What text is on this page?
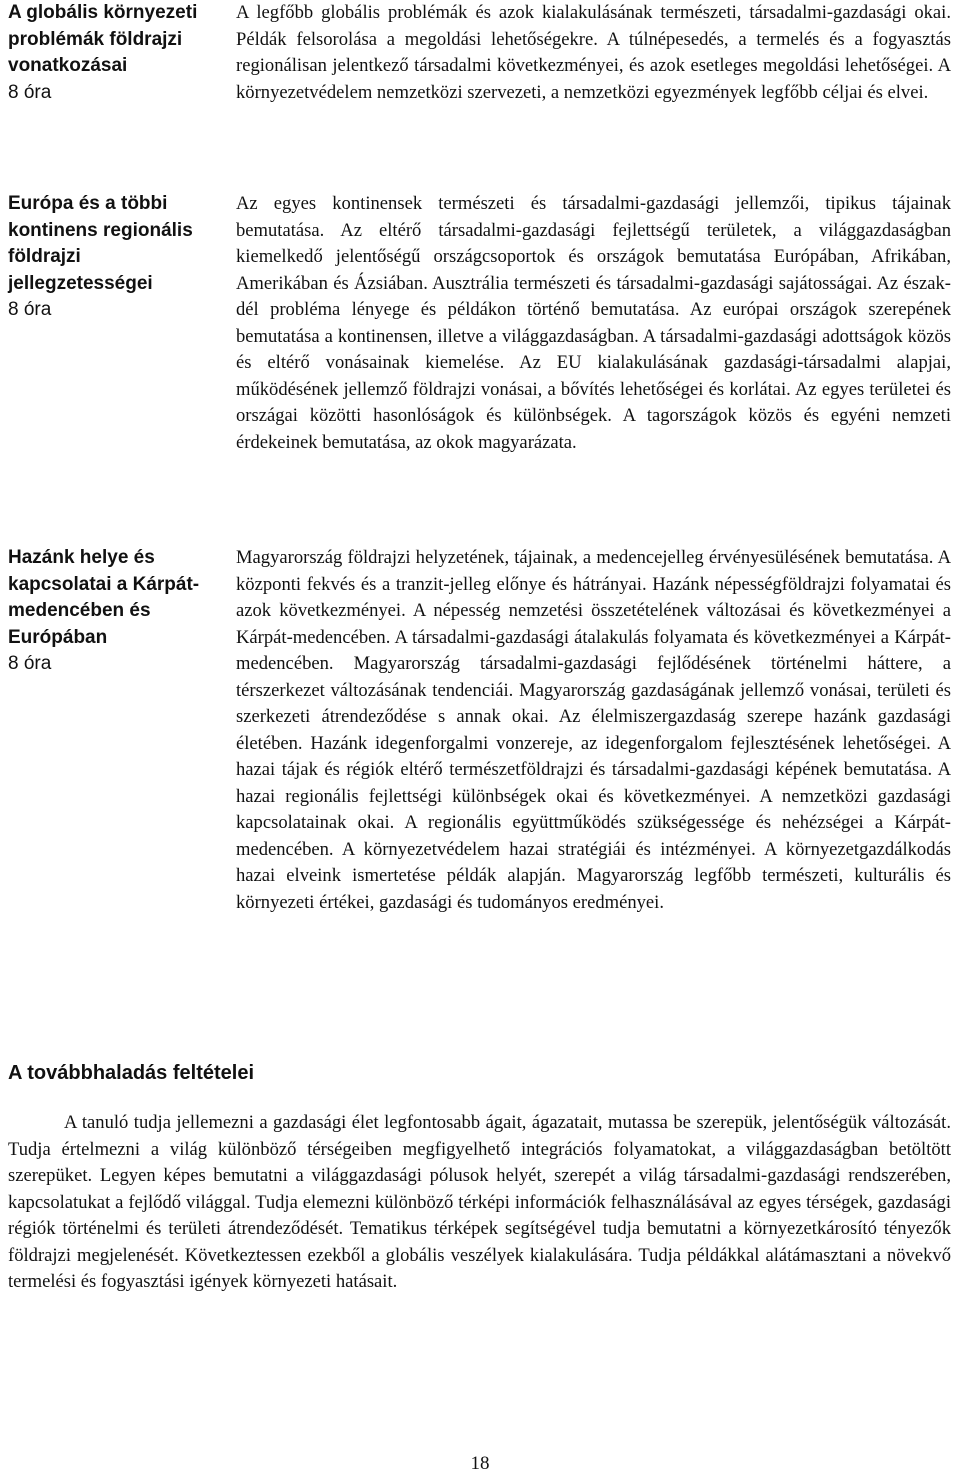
A globális környezeti problémák földrajzi vonatkozásai
8 óra
A legfőbb globális problémák és azok kialakulásának természeti, társadalmi-gazdasági okai. Példák felsorolása a megoldási lehetőségekre. A túlnépesedés, a termelés és a fogyasztás regionálisan jelentkező társadalmi következményei, és azok esetleges megoldási lehetőségei. A környezetvédelem nemzetközi szervezeti, a nemzetközi egyezmények legfőbb céljai és elvei.
Európa és a többi kontinens regionális földrajzi jellegzetességei
8 óra
Az egyes kontinensek természeti és társadalmi-gazdasági jellemzői, tipikus tájainak bemutatása. Az eltérő társadalmi-gazdasági fejlettségű területek, a világgazdaságban kiemelkedő jelentőségű országcsoportok és országok bemutatása Európában, Afrikában, Amerikában és Ázsiában. Ausztrália természeti és társadalmi-gazdasági sajátosságai. Az észak-dél probléma lényege és példákon történő bemutatása. Az európai országok szerepének bemutatása a kontinensen, illetve a világgazdaságban. A társadalmi-gazdasági adottságok közös és eltérő vonásainak kiemelése. Az EU kialakulásának gazdasági-társadalmi alapjai, működésének jellemző földrajzi vonásai, a bővítés lehetőségei és korlátai. Az egyes területei és országai közötti hasonlóságok és különbségek. A tagországok közös és egyéni nemzeti érdekeinek bemutatása, az okok magyarázata.
Hazánk helye és kapcsolatai a Kárpát-medencében és Európában
8 óra
Magyarország földrajzi helyzetének, tájainak, a medencejelleg érvényesülésének bemutatása. A központi fekvés és a tranzit-jelleg előnye és hátrányai. Hazánk népességföldrajzi folyamatai és azok következményei. A népesség nemzetési összetételének változásai és következményei a Kárpát-medencében. A társadalmi-gazdasági átalakulás folyamata és következményei a Kárpát-medencében. Magyarország társadalmi-gazdasági fejlődésének történelmi háttere, a térszerkezet változásának tendenciái. Magyarország gazdaságának jellemző vonásai, területi és szerkezeti átrendeződése s annak okai. Az élelmiszergazdaság szerepe hazánk gazdasági életében. Hazánk idegenforgalmi vonzereje, az idegenforgalom fejlesztésének lehetőségei. A hazai tájak és régiók eltérő természetföldrajzi és társadalmi-gazdasági képének bemutatása. A hazai regionális fejlettségi különbségek okai és következményei. A nemzetközi gazdasági kapcsolatainak okai. A regionális együttműködés szükségessége és nehézségei a Kárpát-medencében. A környezetvédelem hazai stratégiái és intézményei. A környezetgazdálkodás hazai elveink ismertetése példák alapján. Magyarország legfőbb természeti, kulturális és környezeti értékei, gazdasági és tudományos eredményei.
A továbbhaladás feltételei

A tanuló tudja jellemezni a gazdasági élet legfontosabb ágait, ágazatait, mutassa be szerepük, jelentőségük változását. Tudja értelmezni a világ különböző térségeiben megfigyelhető integrációs folyamatokat, a világgazdaságban betöltött szerepüket. Legyen képes bemutatni a világgazdasági pólusok helyét, szerepét a világ társadalmi-gazdasági rendszerében, kapcsolatukat a fejlődő világgal. Tudja elemezni különböző térképi információk felhasználásával az egyes térségek, gazdasági régiók történelmi és területi átrendeződését. Tematikus térképek segítségével tudja bemutatni a környezetkárosító tényezők földrajzi megjelenését. Következtessen ezekből a globális veszélyek kialakulására. Tudja példákkal alátámasztani a növekvő termelési és fogyasztási igények környezeti hatásait.

18
